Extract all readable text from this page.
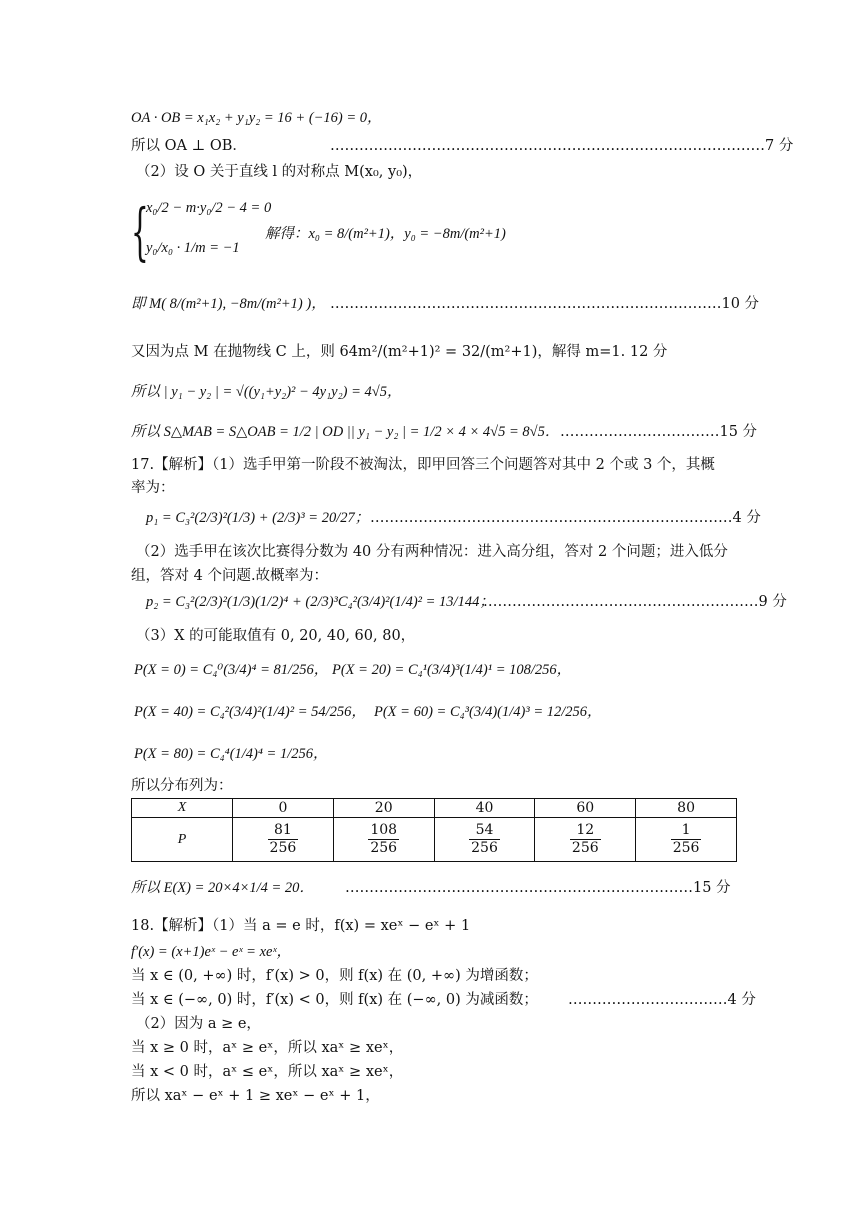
OA · OB = x₁x₂ + y₁y₂ = 16 + (−16) = 0，
所以 OA ⊥ OB．	………………………………………………………………………………7 分
（2）设 O 关于直线 l 的对称点 M(x₀, y₀)，
{
x₀/2 − m·y₀/2 − 4 = 0
y₀/x₀ · 1/m = −1
解得：x₀ = 8/(m²+1)，y₀ = −8m/(m²+1)
即 M( 8/(m²+1), −8m/(m²+1) )， ………………………………………………………………………10 分
又因为点 M 在抛物线 C 上，则 64m²/(m²+1)² = 32/(m²+1)，解得 m=1. 12 分
所以 | y₁ − y₂ | = √((y₁+y₂)² − 4y₁y₂) = 4√5，
所以 S△MAB = S△OAB = 1/2 | OD || y₁ − y₂ | = 1/2 × 4 × 4√5 = 8√5． ……………………………15 分
17.【解析】（1）选手甲第一阶段不被淘汰，即甲回答三个问题答对其中 2 个或 3 个，其概
率为：
p₁ = C₃²(2/3)²(1/3) + (2/3)³ = 20/27； …………………………………………………………………4 分
（2）选手甲在该次比赛得分数为 40 分有两种情况：进入高分组，答对 2 个问题；进入低分
组，答对 4 个问题.故概率为：
p₂ = C₃²(2/3)²(1/3)(1/2)⁴ + (2/3)³C₄²(3/4)²(1/4)² = 13/144；
…………………………………………………9 分
（3）X 的可能取值有 0, 20, 40, 60, 80，
P(X = 0) = C₄⁰(3/4)⁴ = 81/256， P(X = 20) = C₄¹(3/4)³(1/4)¹ = 108/256，
P(X = 40) = C₄²(3/4)²(1/4)² = 54/256， P(X = 60) = C₄³(3/4)(1/4)³ = 12/256，
P(X = 80) = C₄⁴(1/4)⁴ = 1/256，
所以分布列为：
X	0	20	40	60	80
P	$\frac{81}{256}$	$\frac{108}{256}$	$\frac{54}{256}$	$\frac{12}{256}$	$\frac{1}{256}$
所以 E(X) = 20×4×1/4 = 20． ………………………………………………………………15 分
18.【解析】（1）当 a = e 时，f(x) = xeˣ − eˣ + 1
f′(x) = (x+1)eˣ − eˣ = xeˣ，
当 x ∈ (0, +∞) 时，f′(x) > 0，则 f(x) 在 (0, +∞) 为增函数；
当 x ∈ (−∞, 0) 时，f′(x) < 0，则 f(x) 在 (−∞, 0) 为减函数； ……………………………4 分
（2）因为 a ≥ e，
当 x ≥ 0 时，aˣ ≥ eˣ，所以 xaˣ ≥ xeˣ，
当 x < 0 时，aˣ ≤ eˣ，所以 xaˣ ≥ xeˣ，
所以 xaˣ − eˣ + 1 ≥ xeˣ − eˣ + 1，
